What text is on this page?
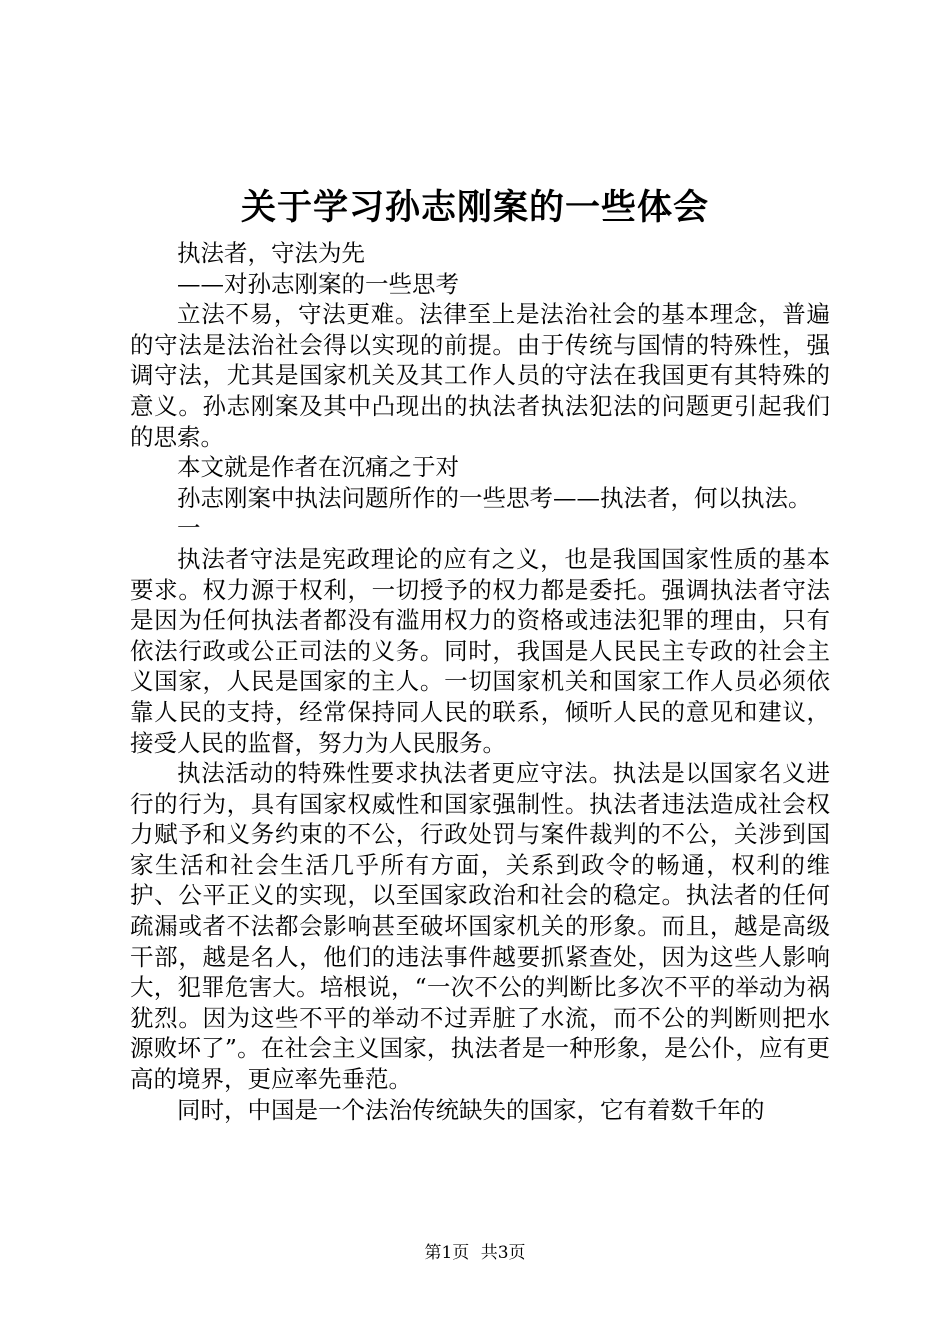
关于学习孙志刚案的一些体会

执法者，守法为先

——对孙志刚案的一些思考

立法不易，守法更难。法律至上是法治社会的基本理念，普遍的守法是法治社会得以实现的前提。由于传统与国情的特殊性，强调守法，尤其是国家机关及其工作人员的守法在我国更有其特殊的意义。孙志刚案及其中凸现出的执法者执法犯法的问题更引起我们的思索。

本文就是作者在沉痛之于对

孙志刚案中执法问题所作的一些思考——执法者，何以执法。

一

执法者守法是宪政理论的应有之义，也是我国国家性质的基本要求。权力源于权利，一切授予的权力都是委托。强调执法者守法是因为任何执法者都没有滥用权力的资格或违法犯罪的理由，只有依法行政或公正司法的义务。同时，我国是人民民主专政的社会主义国家，人民是国家的主人。一切国家机关和国家工作人员必须依靠人民的支持，经常保持同人民的联系，倾听人民的意见和建议，接受人民的监督，努力为人民服务。

执法活动的特殊性要求执法者更应守法。执法是以国家名义进行的行为，具有国家权威性和国家强制性。执法者违法造成社会权力赋予和义务约束的不公，行政处罚与案件裁判的不公，关涉到国家生活和社会生活几乎所有方面，关系到政令的畅通，权利的维护、公平正义的实现，以至国家政治和社会的稳定。执法者的任何疏漏或者不法都会影响甚至破坏国家机关的形象。而且，越是高级干部，越是名人，他们的违法事件越要抓紧查处，因为这些人影响大，犯罪危害大。培根说，“一次不公的判断比多次不平的举动为祸犹烈。因为这些不平的举动不过弄脏了水流，而不公的判断则把水源败坏了”。在社会主义国家，执法者是一种形象，是公仆，应有更高的境界，更应率先垂范。

同时，中国是一个法治传统缺失的国家，它有着数千年的

第1页 共3页
